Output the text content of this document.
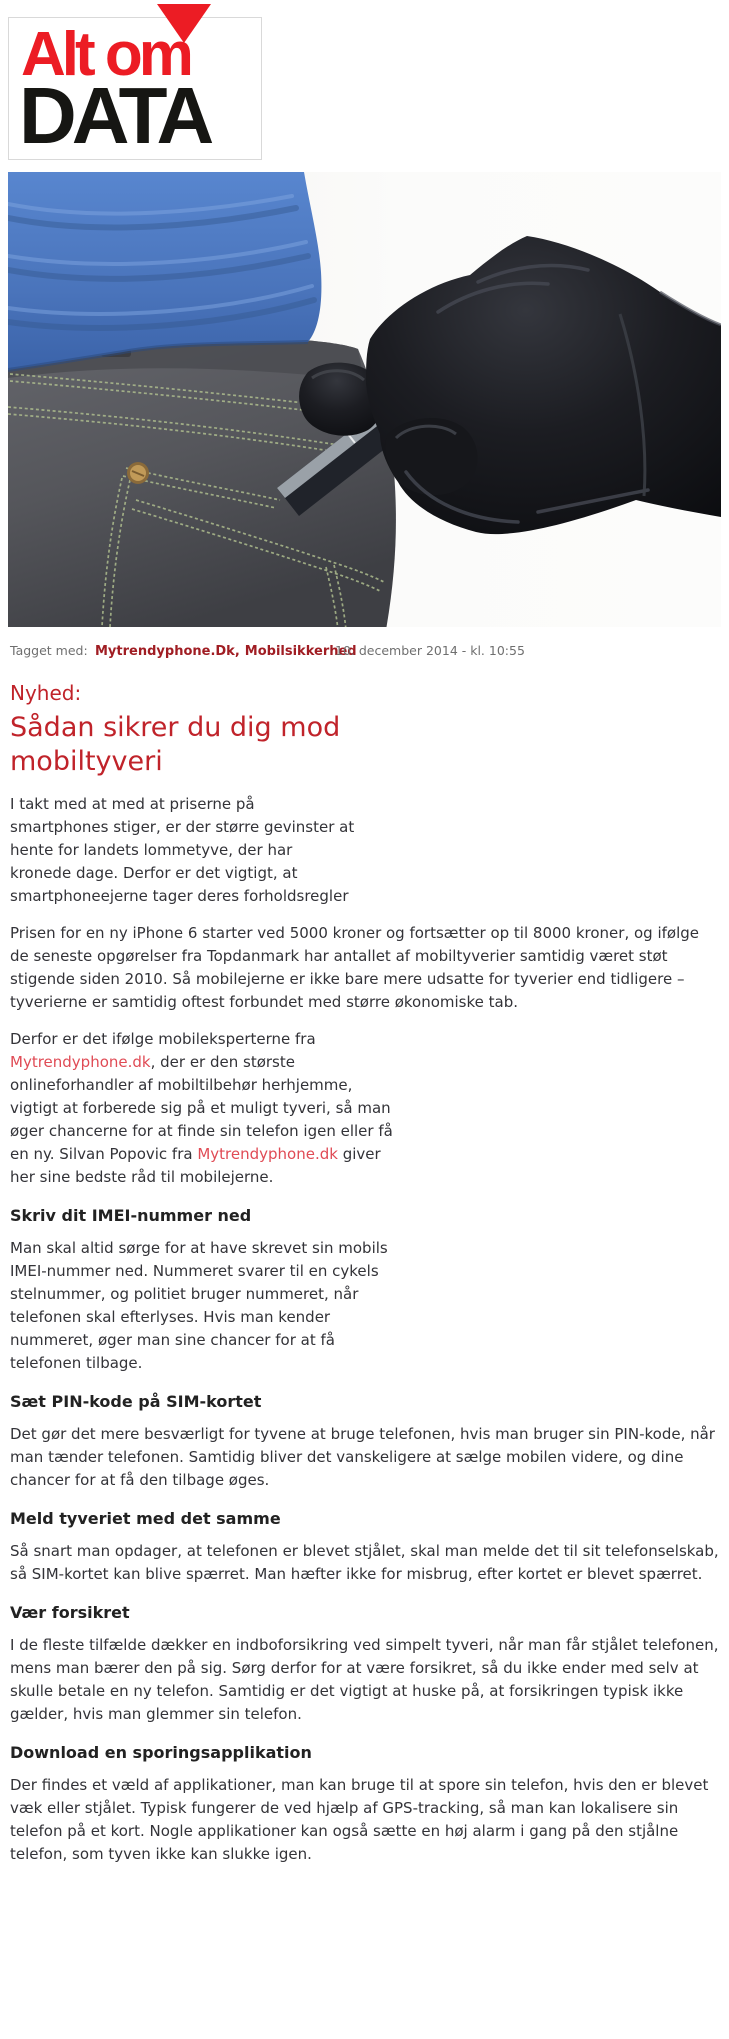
Alt om
DATA
Tagget med: Mytrendyphone.Dk, Mobilsikkerhed
10. december 2014 - kl. 10:55
Nyhed:
Sådan sikrer du dig mod mobiltyveri

I takt med at med at priserne på smartphones stiger, er der større gevinster at hente for landets lommetyve, der har kronede dage. Derfor er det vigtigt, at smartphoneejerne tager deres forholdsregler

Prisen for en ny iPhone 6 starter ved 5000 kroner og fortsætter op til 8000 kroner, og ifølge de seneste opgørelser fra Topdanmark har antallet af mobiltyverier samtidig været støt stigende siden 2010. Så mobilejerne er ikke bare mere udsatte for tyverier end tidligere – tyverierne er samtidig oftest forbundet med større økonomiske tab.

Derfor er det ifølge mobileksperterne fra Mytrendyphone.dk, der er den største onlineforhandler af mobiltilbehør herhjemme, vigtigt at forberede sig på et muligt tyveri, så man øger chancerne for at finde sin telefon igen eller få en ny. Silvan Popovic fra Mytrendyphone.dk giver her sine bedste råd til mobilejerne.

Skriv dit IMEI-nummer ned

Man skal altid sørge for at have skrevet sin mobils IMEI-nummer ned. Nummeret svarer til en cykels stelnummer, og politiet bruger nummeret, når telefonen skal efterlyses. Hvis man kender nummeret, øger man sine chancer for at få telefonen tilbage.

Sæt PIN-kode på SIM-kortet

Det gør det mere besværligt for tyvene at bruge telefonen, hvis man bruger sin PIN-kode, når man tænder telefonen. Samtidig bliver det vanskeligere at sælge mobilen videre, og dine chancer for at få den tilbage øges.

Meld tyveriet med det samme

Så snart man opdager, at telefonen er blevet stjålet, skal man melde det til sit telefonselskab, så SIM-kortet kan blive spærret. Man hæfter ikke for misbrug, efter kortet er blevet spærret.

Vær forsikret

I de fleste tilfælde dækker en indboforsikring ved simpelt tyveri, når man får stjålet telefonen, mens man bærer den på sig. Sørg derfor for at være forsikret, så du ikke ender med selv at skulle betale en ny telefon. Samtidig er det vigtigt at huske på, at forsikringen typisk ikke gælder, hvis man glemmer sin telefon.

Download en sporingsapplikation

Der findes et væld af applikationer, man kan bruge til at spore sin telefon, hvis den er blevet væk eller stjålet. Typisk fungerer de ved hjælp af GPS-tracking, så man kan lokalisere sin telefon på et kort. Nogle applikationer kan også sætte en høj alarm i gang på den stjålne telefon, som tyven ikke kan slukke igen.
